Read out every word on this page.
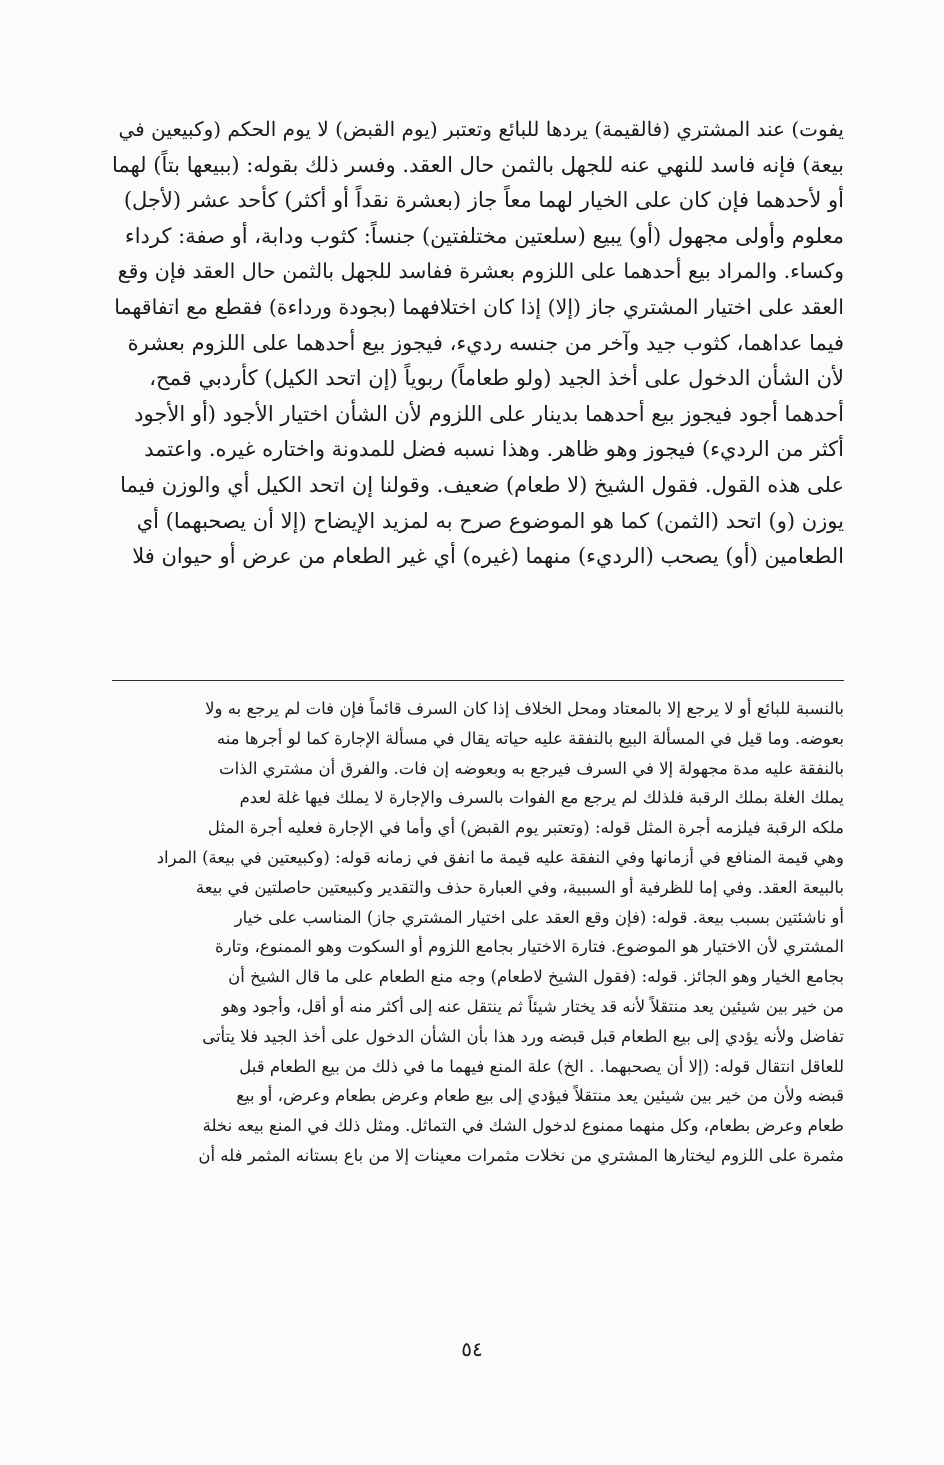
يفوت) عند المشتري (فالقيمة) يردها للبائع وتعتبر (يوم القبض) لا يوم الحكم (وكبيعين في
بيعة) فإنه فاسد للنهي عنه للجهل بالثمن حال العقد. وفسر ذلك بقوله: (ببيعها بتاً) لهما
أو لأحدهما فإن كان على الخيار لهما معاً جاز (بعشرة نقداً أو أكثر) كأحد عشر (لأجل)
معلوم وأولى مجهول (أو) يبيع (سلعتين مختلفتين) جنساً: كثوب ودابة، أو صفة: كرداء
وكساء. والمراد بيع أحدهما على اللزوم بعشرة ففاسد للجهل بالثمن حال العقد فإن وقع
العقد على اختيار المشتري جاز (إلا) إذا كان اختلافهما (بجودة ورداءة) فقطع مع اتفاقهما
فيما عداهما، كثوب جيد وآخر من جنسه رديء، فيجوز بيع أحدهما على اللزوم بعشرة
لأن الشأن الدخول على أخذ الجيد (ولو طعاماً) ربوياً (إن اتحد الكيل) كأردبي قمح،
أحدهما أجود فيجوز بيع أحدهما بدينار على اللزوم لأن الشأن اختيار الأجود (أو الأجود
أكثر من الرديء) فيجوز وهو ظاهر. وهذا نسبه فضل للمدونة واختاره غيره. واعتمد
على هذه القول. فقول الشيخ (لا طعام) ضعيف. وقولنا إن اتحد الكيل أي والوزن فيما
يوزن (و) اتحد (الثمن) كما هو الموضوع صرح به لمزيد الإيضاح (إلا أن يصحبهما) أي
الطعامين (أو) يصحب (الرديء) منهما (غيره) أي غير الطعام من عرض أو حيوان فلا
بالنسبة للبائع أو لا يرجع إلا بالمعتاد ومحل الخلاف إذا كان السرف قائماً فإن فات لم يرجع به ولا
بعوضه. وما قيل في المسألة البيع بالنفقة عليه حياته يقال في مسألة الإجارة كما لو أجرها منه
بالنفقة عليه مدة مجهولة إلا في السرف فيرجع به وبعوضه إن فات. والفرق أن مشتري الذات
يملك الغلة بملك الرقبة فلذلك لم يرجع مع الفوات بالسرف والإجارة لا يملك فيها غلة لعدم
ملكه الرقبة فيلزمه أجرة المثل قوله: (وتعتبر يوم القبض) أي وأما في الإجارة فعليه أجرة المثل
وهي قيمة المنافع في أزمانها وفي النفقة عليه قيمة ما انفق في زمانه قوله: (وكبيعتين في بيعة) المراد
بالبيعة العقد. وفي إما للظرفية أو السببية، وفي العبارة حذف والتقدير وكبيعتين حاصلتين في بيعة
أو ناشئتين بسبب بيعة. قوله: (فإن وقع العقد على اختيار المشتري جاز) المناسب على خيار
المشتري لأن الاختيار هو الموضوع. فتارة الاختيار بجامع اللزوم أو السكوت وهو الممنوع، وتارة
بجامع الخيار وهو الجائز. قوله: (فقول الشيخ لاطعام) وجه منع الطعام على ما قال الشيخ أن
من خير بين شيئين يعد منتقلاً لأنه قد يختار شيئاً ثم ينتقل عنه إلى أكثر منه أو أقل، وأجود وهو
تفاضل ولأنه يؤدي إلى بيع الطعام قبل قبضه ورد هذا بأن الشأن الدخول على أخذ الجيد فلا يتأتى
للعاقل انتقال قوله: (إلا أن يصحبهما. . الخ) علة المنع فيهما ما في ذلك من بيع الطعام قبل
قبضه ولأن من خير بين شيئين يعد منتقلاً فيؤدي إلى بيع طعام وعرض بطعام وعرض، أو بيع
طعام وعرض بطعام، وكل منهما ممنوع لدخول الشك في التماثل. ومثل ذلك في المنع بيعه نخلة
مثمرة على اللزوم ليختارها المشتري من نخلات مثمرات معينات إلا من باع بستانه المثمر فله أن
٥٤
